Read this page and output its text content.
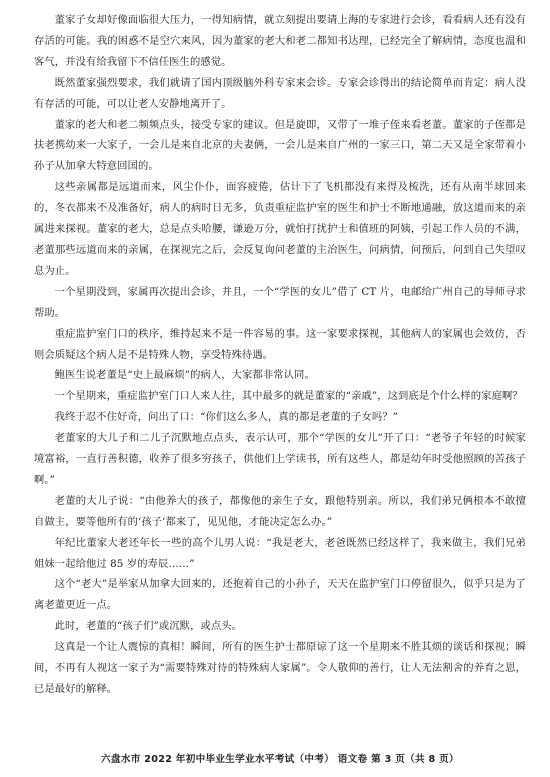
董家子女却好像面临很大压力，一得知病情，就立刻提出要请上海的专家进行会诊，看看病人还有没有存活的可能。我的困惑不是空穴来风，因为董家的老大和老二都知书达理，已经完全了解病情，态度也温和客气，并没有给我留下不信任医生的感觉。

既然董家强烈要求，我们就请了国内顶级脑外科专家来会诊。专家会诊得出的结论简单而肯定：病人没有存活的可能，可以让老人安静地离开了。

董家的老大和老二频频点头，接受专家的建议。但是旋即，又带了一堆子侄来看老董。董家的子侄都是扶老携幼来一大家子，一会儿是来自北京的夫妻俩，一会儿是来自广州的一家三口，第二天又是全家带着小孙子从加拿大特意回国的。

这些亲属都是远道而来，风尘仆仆，面容疲倦，估计下了飞机都没有来得及梳洗，还有从南半球回来的，冬衣都来不及准备好，病人的病时日无多，负责重症监护室的医生和护士不断地通融，放这道而来的亲属进来探视。董家的老大，总是点头哈腰，谦逊万分，就怕打扰护士和值班的阿姨，引起工作人员的不满，老董那些远道而来的亲属，在探视完之后，会反复询问老董的主治医生，问病情，问预后，问到自己失望叹息为止。

一个星期没到，家属再次提出会诊，并且，一个“学医的女儿”借了 CT 片，电邮给广州自己的导师寻求帮助。

重症监护室门口的秩序，维持起来不是一件容易的事。这一家要求探视，其他病人的家属也会效仿，否则会质疑这个病人是不是特殊人物，享受特殊待遇。

鲍医生说老董是“史上最麻烦”的病人，大家都非常认同。

一个星期来，重症监护室门口人来人往，其中最多的就是董家的“亲戚”，这到底是个什么样的家庭啊？

我终于忍不住好奇，问出了口：“你们这么多人，真的都是老董的子女吗？”

老董家的大儿子和二儿子沉默地点点头，表示认可，那个“学医的女儿”开了口：“老爷子年轻的时候家境富裕，一直行善积德，收养了很多穷孩子，供他们上学读书，所有这些人，都是幼年时受他照顾的苦孩子啊。”

老董的大儿子说：“由他养大的孩子，都像他的亲生子女，跟他特别亲。所以，我们弟兄俩根本不敢擅自做主，要等他所有的‘孩子’都来了，见见他，才能决定怎么办。”

年纪比董家大老还年长一些的高个儿男人说：“我是老大，老爸既然已经这样了，我来做主，我们兄弟姐妹一起给他过 85 岁的寿辰……”

这个“老大”是举家从加拿大回来的，还抱着自己的小孙子，天天在监护室门口停留很久，似乎只是为了离老董更近一点。

此时，老董的“孩子们”或沉默，或点头。

这真是一个让人震惊的真相！瞬间，所有的医生护士都原谅了这一个星期来不胜其烦的谈话和探视；瞬间，不再有人视这一家子为“需要特殊对待的特殊病人家属”。令人敬仰的善行，让人无法割舍的养育之恩，已是最好的解释。

六盘水市 2022 年初中毕业生学业水平考试（中考） 语文卷 第 3 页（共 8 页）
